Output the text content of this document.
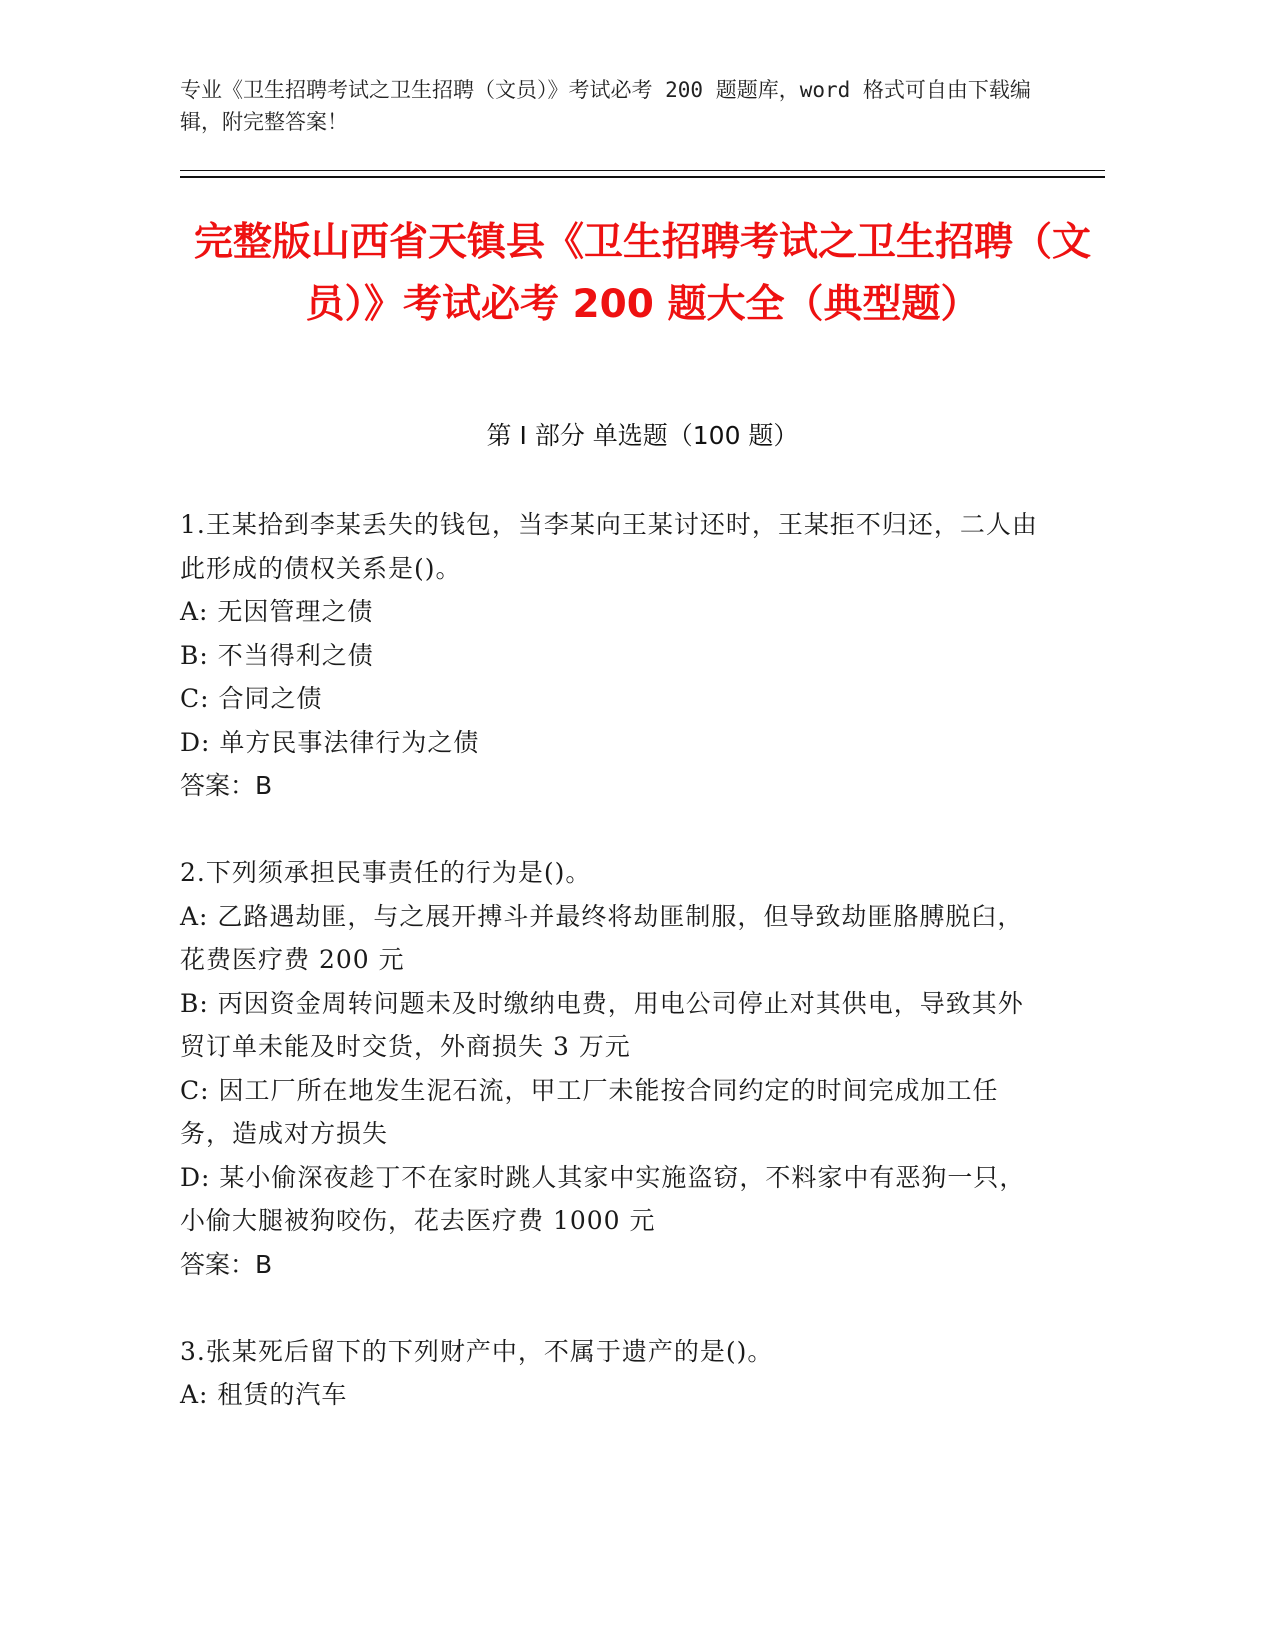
专业《卫生招聘考试之卫生招聘（文员）》考试必考 200 题题库，word 格式可自由下载编辑，附完整答案！
完整版山西省天镇县《卫生招聘考试之卫生招聘（文员）》考试必考 200 题大全（典型题）
第 I 部分 单选题（100 题）
1.王某拾到李某丢失的钱包，当李某向王某讨还时，王某拒不归还，二人由此形成的债权关系是()。
A: 无因管理之债
B: 不当得利之债
C: 合同之债
D: 单方民事法律行为之债
答案：B
2.下列须承担民事责任的行为是()。
A: 乙路遇劫匪，与之展开搏斗并最终将劫匪制服，但导致劫匪胳膊脱臼，花费医疗费 200 元
B: 丙因资金周转问题未及时缴纳电费，用电公司停止对其供电，导致其外贸订单未能及时交货，外商损失 3 万元
C: 因工厂所在地发生泥石流，甲工厂未能按合同约定的时间完成加工任务，造成对方损失
D: 某小偷深夜趁丁不在家时跳人其家中实施盗窃，不料家中有恶狗一只，小偷大腿被狗咬伤，花去医疗费 1000 元
答案：B
3.张某死后留下的下列财产中，不属于遗产的是()。
A: 租赁的汽车
